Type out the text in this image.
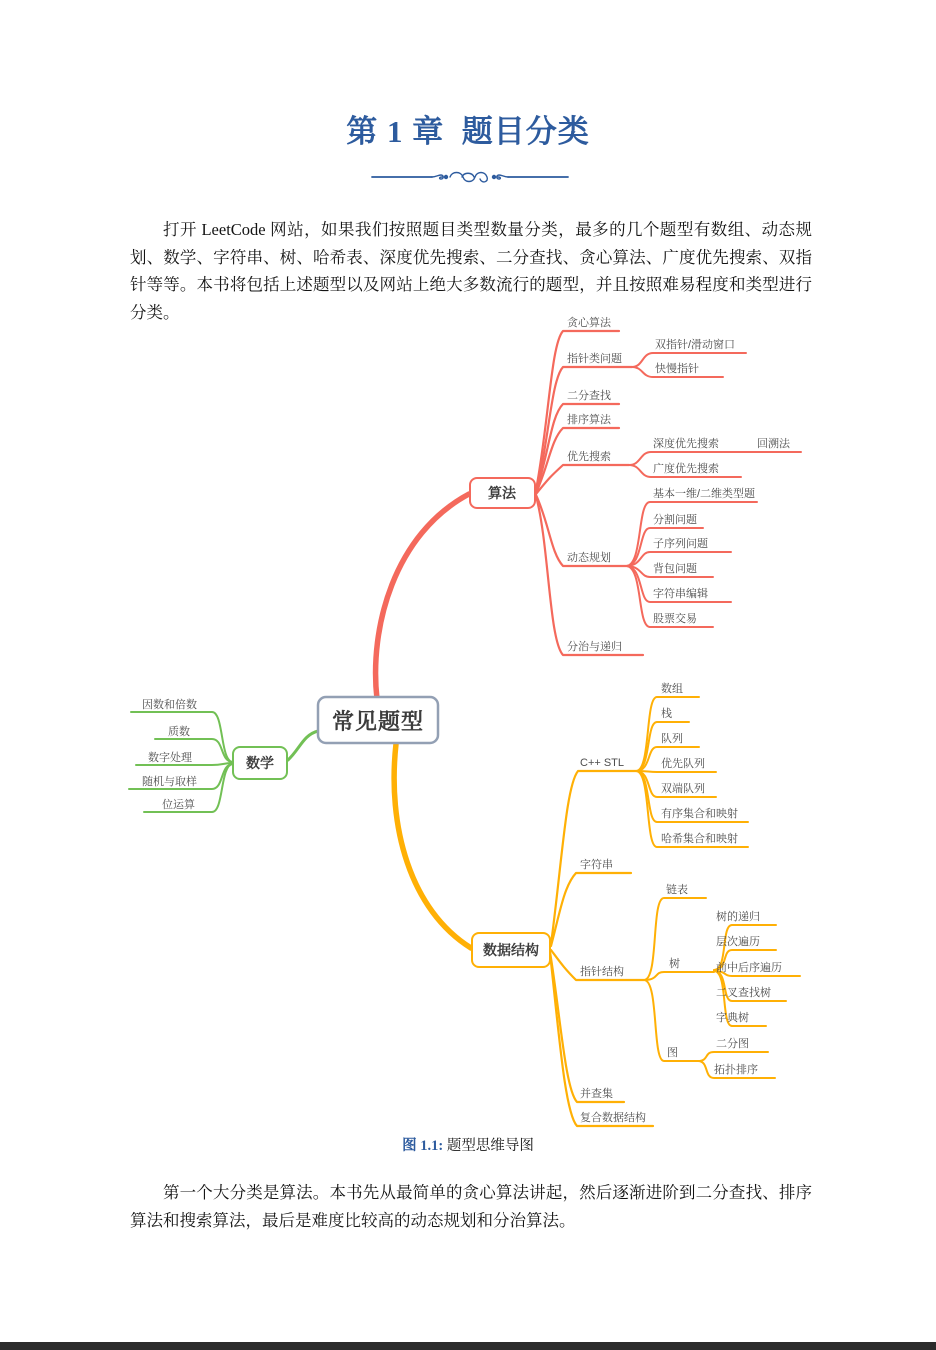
第 1 章  题目分类
打开 LeetCode 网站，如果我们按照题目类型数量分类，最多的几个题型有数组、动态规划、数学、字符串、树、哈希表、深度优先搜索、二分查找、贪心算法、广度优先搜索、双指针等等。本书将包括上述题型以及网站上绝大多数流行的题型，并且按照难易程度和类型进行分类。
常见题型
算法
数学
数据结构
贪心算法
指针类问题
双指针/滑动窗口
快慢指针
二分查找
排序算法
优先搜索
深度优先搜索	回溯法
广度优先搜索
动态规划
基本一维/二维类型题
分割问题
子序列问题
背包问题
字符串编辑
股票交易
分治与递归
因数和倍数
质数
数字处理
随机与取样
位运算
C++ STL
数组
栈
队列
优先队列
双端队列
有序集合和映射
哈希集合和映射
字符串
指针结构
链表
树
树的递归
层次遍历
前中后序遍历
二叉查找树
字典树
图
二分图
拓扑排序
并查集
复合数据结构
图 1.1: 题型思维导图
第一个大分类是算法。本书先从最简单的贪心算法讲起，然后逐渐进阶到二分查找、排序算法和搜索算法，最后是难度比较高的动态规划和分治算法。
